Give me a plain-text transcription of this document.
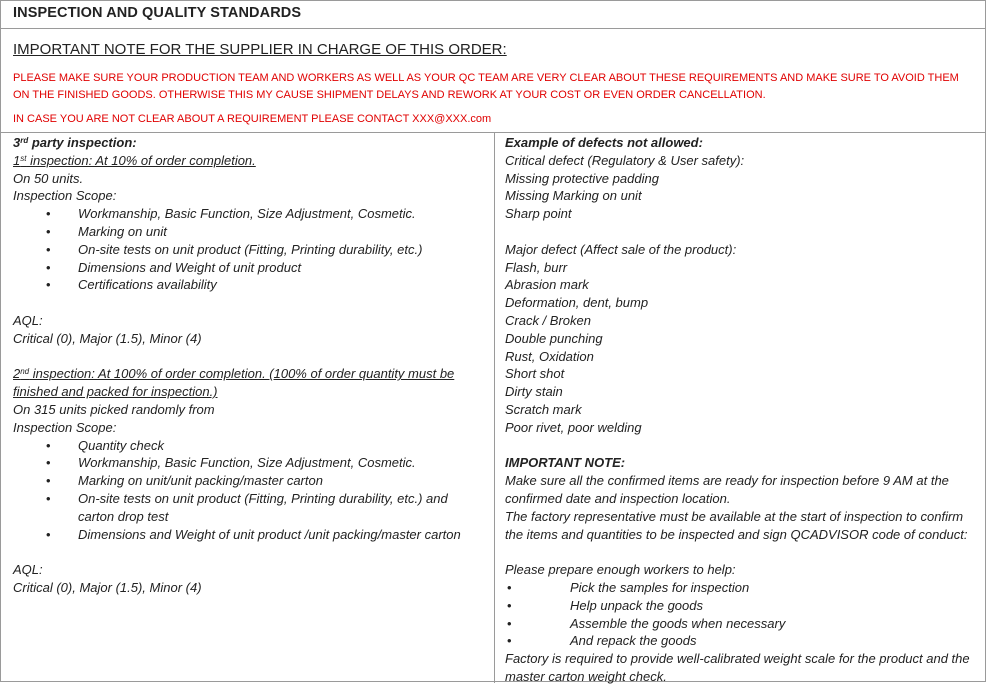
INSPECTION AND QUALITY STANDARDS
IMPORTANT NOTE FOR THE SUPPLIER IN CHARGE OF THIS ORDER:
PLEASE MAKE SURE YOUR PRODUCTION TEAM AND WORKERS AS WELL AS YOUR QC TEAM ARE VERY CLEAR ABOUT THESE REQUIREMENTS AND MAKE SURE TO AVOID THEM ON THE FINISHED GOODS. OTHERWISE THIS MY CAUSE SHIPMENT DELAYS AND REWORK AT YOUR COST OR EVEN ORDER CANCELLATION.
IN CASE YOU ARE NOT CLEAR ABOUT A REQUIREMENT PLEASE CONTACT XXX@XXX.com
3rd party inspection:
1st inspection: At 10% of order completion.
On 50 units.
Inspection Scope:
• Workmanship, Basic Function, Size Adjustment, Cosmetic.
• Marking on unit
• On-site tests on unit product (Fitting, Printing durability, etc.)
• Dimensions and Weight of unit product
• Certifications availability
AQL:
Critical (0), Major (1.5), Minor (4)
2nd inspection: At 100% of order completion. (100% of order quantity must be finished and packed for inspection.)
On 315 units picked randomly from
Inspection Scope:
• Quantity check
• Workmanship, Basic Function, Size Adjustment, Cosmetic.
• Marking on unit/unit packing/master carton
• On-site tests on unit product (Fitting, Printing durability, etc.) and carton drop test
• Dimensions and Weight of unit product /unit packing/master carton
AQL:
Critical (0), Major (1.5), Minor (4)
Example of defects not allowed:
Critical defect (Regulatory & User safety):
Missing protective padding
Missing Marking on unit
Sharp point
Major defect (Affect sale of the product):
Flash, burr
Abrasion mark
Deformation, dent, bump
Crack / Broken
Double punching
Rust, Oxidation
Short shot
Dirty stain
Scratch mark
Poor rivet, poor welding
IMPORTANT NOTE:
Make sure all the confirmed items are ready for inspection before 9 AM at the confirmed date and inspection location.
The factory representative must be available at the start of inspection to confirm the items and quantities to be inspected and sign QCADVISOR code of conduct:
Please prepare enough workers to help:
•	Pick the samples for inspection
•	Help unpack the goods
•	Assemble the goods when necessary
•	And repack the goods
Factory is required to provide well-calibrated weight scale for the product and the master carton weight check.
